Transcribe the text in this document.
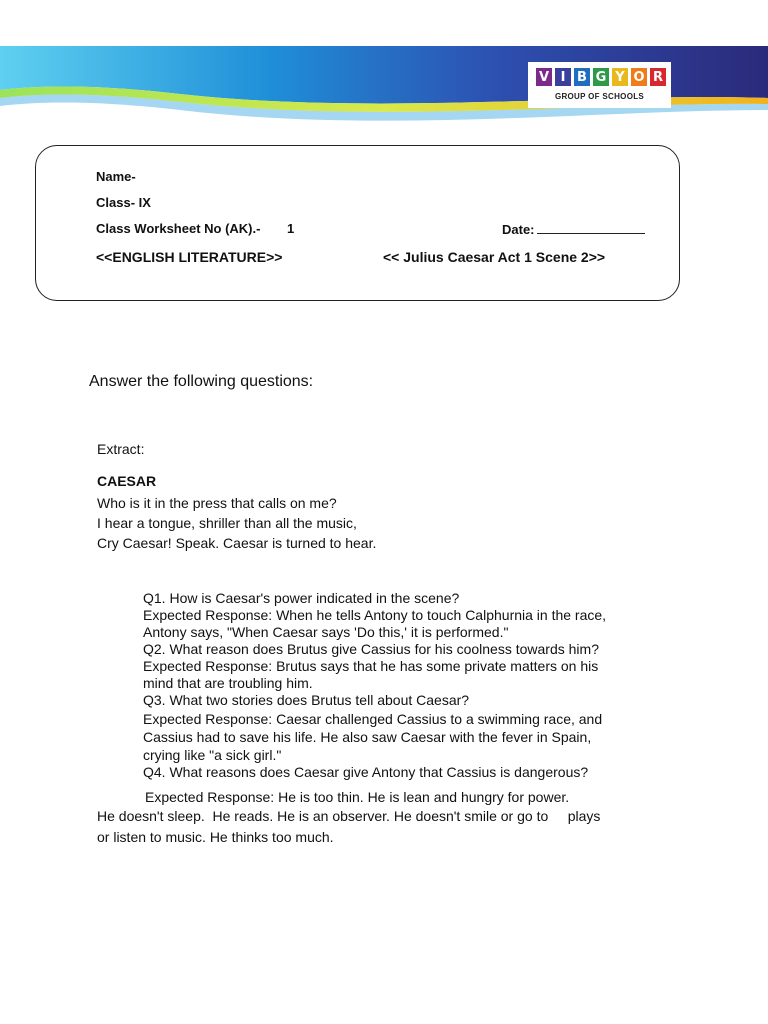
V I B G Y O R
GROUP OF SCHOOLS
Name-
Class- IX
Class Worksheet No (AK).- 1	Date:
<<ENGLISH LITERATURE>>	<< Julius Caesar Act 1 Scene 2>>
Answer the following questions:
Extract:
CAESAR
Who is it in the press that calls on me?
I hear a tongue, shriller than all the music,
Cry Caesar! Speak. Caesar is turned to hear.
Q1. How is Caesar's power indicated in the scene?
Expected Response: When he tells Antony to touch Calphurnia in the race,
Antony says, "When Caesar says 'Do this,' it is performed."
Q2. What reason does Brutus give Cassius for his coolness towards him?
Expected Response: Brutus says that he has some private matters on his
mind that are troubling him.
Q3. What two stories does Brutus tell about Caesar?
Expected Response: Caesar challenged Cassius to a swimming race, and
Cassius had to save his life. He also saw Caesar with the fever in Spain,
crying like "a sick girl."
Q4. What reasons does Caesar give Antony that Cassius is dangerous?
Expected Response: He is too thin. He is lean and hungry for power.
He doesn't sleep.  He reads. He is an observer. He doesn't smile or go to     plays
or listen to music. He thinks too much.
